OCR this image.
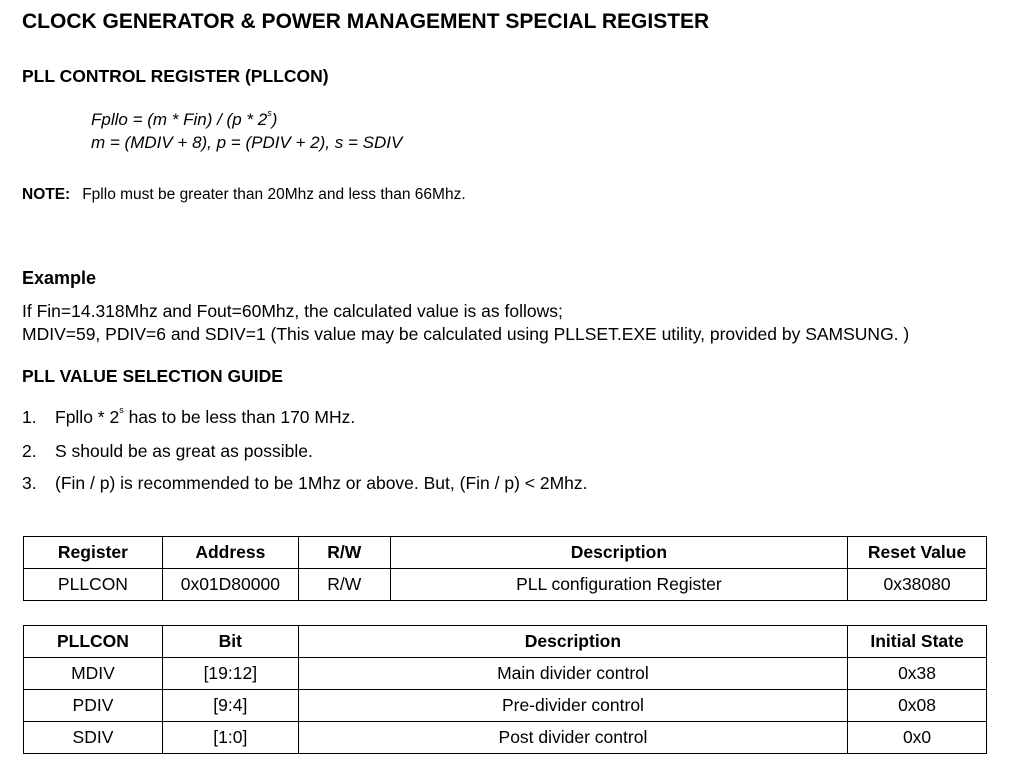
CLOCK GENERATOR & POWER MANAGEMENT SPECIAL REGISTER
PLL CONTROL REGISTER (PLLCON)
Fpllo = (m * Fin) / (p * 2$^s$)
m = (MDIV + 8), p = (PDIV + 2), s = SDIV
NOTE: Fpllo must be greater than 20Mhz and less than 66Mhz.
Example
If Fin=14.318Mhz and Fout=60Mhz, the calculated value is as follows;
MDIV=59, PDIV=6 and SDIV=1 (This value may be calculated using PLLSET.EXE utility, provided by SAMSUNG. )
PLL VALUE SELECTION GUIDE
1. Fpllo * 2$^s$ has to be less than 170 MHz.
2. S should be as great as possible.
3. (Fin / p) is recommended to be 1Mhz or above. But, (Fin / p) < 2Mhz.
Register	Address	R/W	Description	Reset Value
PLLCON	0x01D80000	R/W	PLL configuration Register	0x38080
PLLCON	Bit	Description	Initial State
MDIV	[19:12]	Main divider control	0x38
PDIV	[9:4]	Pre-divider control	0x08
SDIV	[1:0]	Post divider control	0x0
